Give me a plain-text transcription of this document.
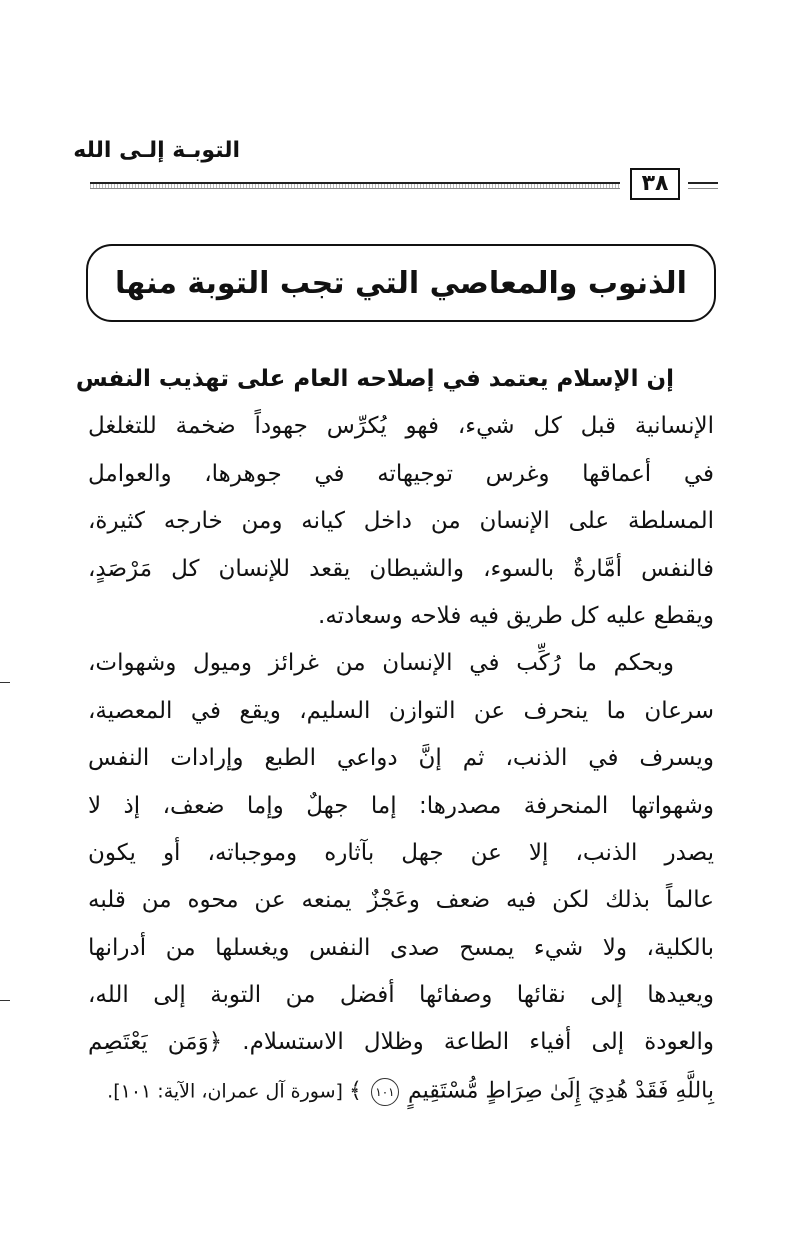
التوبـة إلـى الله
٣٨
الذنوب والمعاصي التي تجب التوبة منها
إن الإسلام يعتمد في إصلاحه العام على تهذيب النفس
الإنسانية قبل كل شيء، فهو يُكرِّس جهوداً ضخمة للتغلغل
في أعماقها وغرس توجيهاته في جوهرها، والعوامل
المسلطة على الإنسان من داخل كيانه ومن خارجه كثيرة،
فالنفس أمَّارةٌ بالسوء، والشيطان يقعد للإنسان كل مَرْصَدٍ،
ويقطع عليه كل طريق فيه فلاحه وسعادته.
وبحكم ما رُكِّب في الإنسان من غرائز وميول وشهوات،
سرعان ما ينحرف عن التوازن السليم، ويقع في المعصية،
ويسرف في الذنب، ثم إنَّ دواعي الطبع وإرادات النفس
وشهواتها المنحرفة مصدرها: إما جهلٌ وإما ضعف، إذ لا
يصدر الذنب، إلا عن جهل بآثاره وموجباته، أو يكون
عالماً بذلك لكن فيه ضعف وعَجْزٌ يمنعه عن محوه من قلبه
بالكلية، ولا شيء يمسح صدى النفس ويغسلها من أدرانها
ويعيدها إلى نقائها وصفائها أفضل من التوبة إلى الله،
والعودة إلى أفياء الطاعة وظلال الاستسلام. ﴿وَمَن يَعْتَصِم
بِاللَّهِ فَقَدْ هُدِيَ إِلَىٰ صِرَاطٍ مُّسْتَقِيمٍ ١٠١ ﴾ [سورة آل عمران، الآية: ١٠١].
